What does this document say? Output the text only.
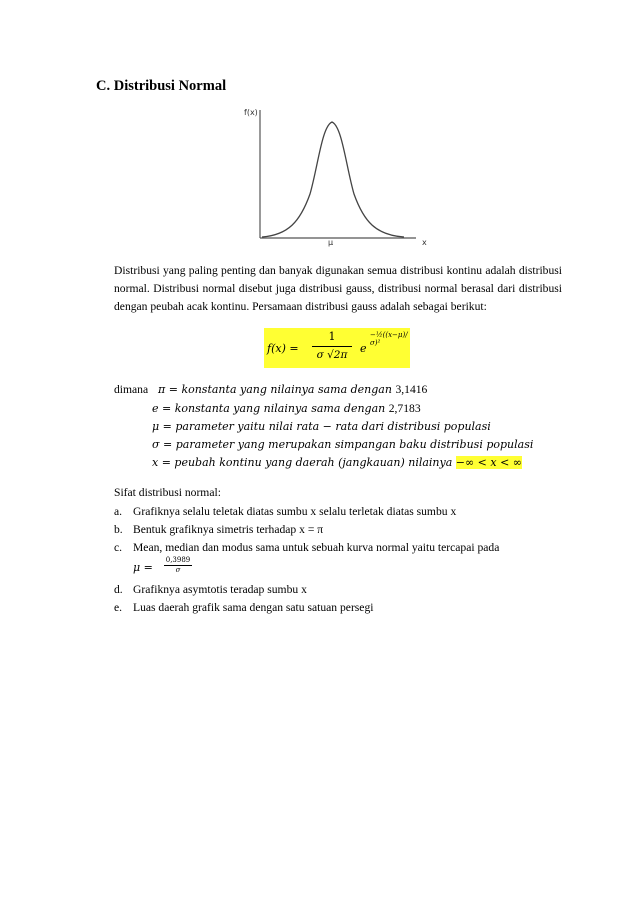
C. Distribusi Normal
f(x)
μ	x
Distribusi yang paling penting dan banyak digunakan semua distribusi kontinu adalah distribusi normal. Distribusi normal disebut juga distribusi gauss, distribusi normal berasal dari distribusi dengan peubah acak kontinu. Persamaan distribusi gauss adalah sebagai berikut:
f(x) =
1
σ √2π	e
−½((x−μ)/σ)²
dimana π = konstanta yang nilainya sama dengan 3,1416
e = konstanta yang nilainya sama dengan 2,7183
μ = parameter yaitu nilai rata − rata dari distribusi populasi
σ = parameter yang merupakan simpangan baku distribusi populasi
x = peubah kontinu yang daerah (jangkauan) nilainya −∞ < x < ∞
Sifat distribusi normal:
a. Grafiknya selalu teletak diatas sumbu x selalu terletak diatas sumbu x
b. Bentuk grafiknya simetris terhadap x = π
c. Mean, median dan modus sama untuk sebuah kurva normal yaitu tercapai pada
$\mu = \frac{0,3989}{\sigma}$
d. Grafiknya asymtotis teradap sumbu x
e. Luas daerah grafik sama dengan satu satuan persegi
